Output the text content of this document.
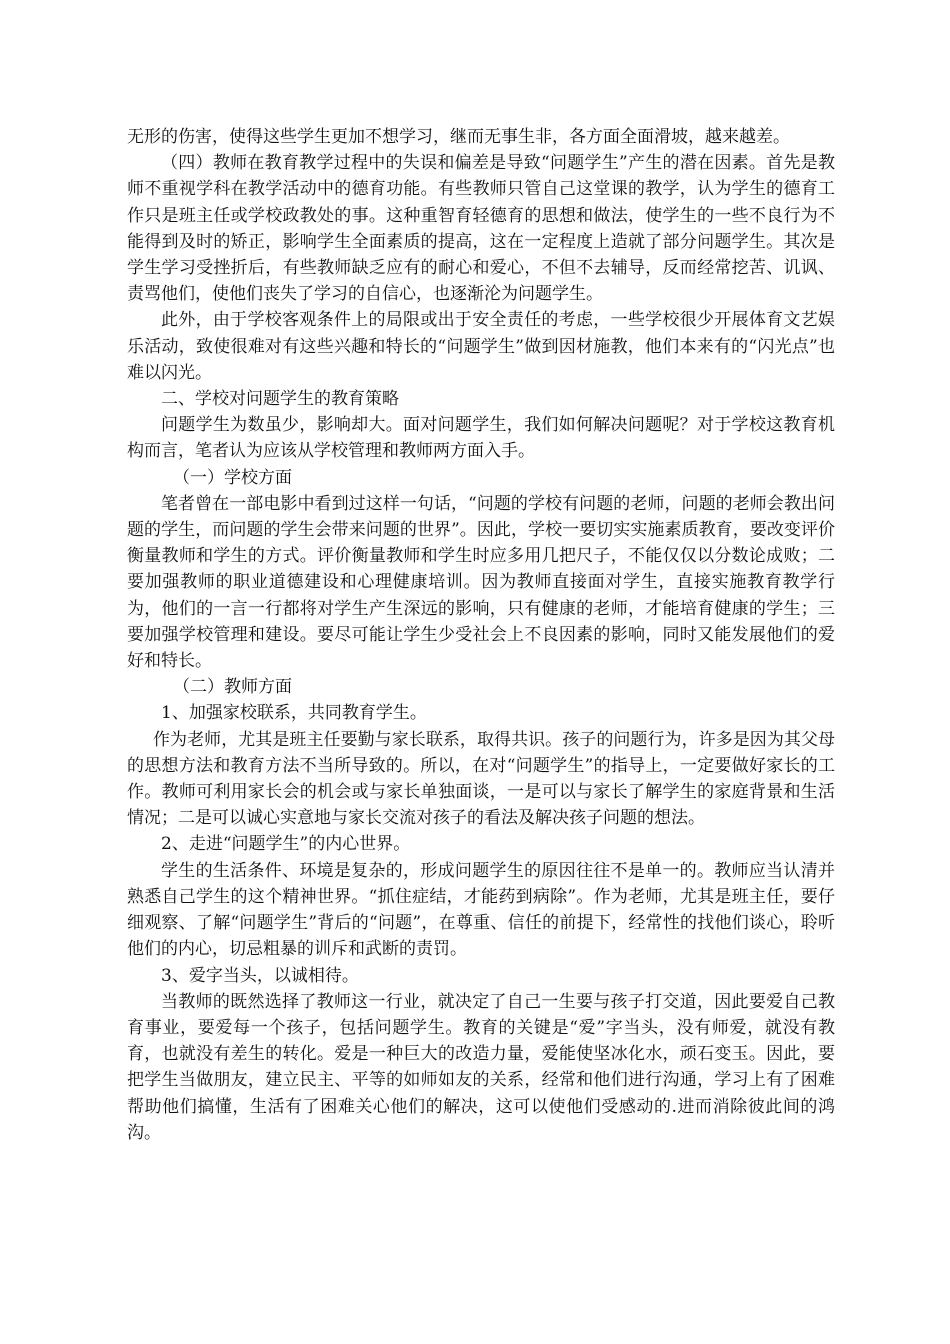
无形的伤害，使得这些学生更加不想学习，继而无事生非，各方面全面滑坡，越来越差。

（四）教师在教育教学过程中的失误和偏差是导致“问题学生”产生的潜在因素。首先是教师不重视学科在教学活动中的德育功能。有些教师只管自己这堂课的教学，认为学生的德育工作只是班主任或学校政教处的事。这种重智育轻德育的思想和做法，使学生的一些不良行为不能得到及时的矫正，影响学生全面素质的提高，这在一定程度上造就了部分问题学生。其次是学生学习受挫折后，有些教师缺乏应有的耐心和爱心，不但不去辅导，反而经常挖苦、讥讽、责骂他们，使他们丧失了学习的自信心，也逐渐沦为问题学生。

此外，由于学校客观条件上的局限或出于安全责任的考虑，一些学校很少开展体育文艺娱乐活动，致使很难对有这些兴趣和特长的“问题学生”做到因材施教，他们本来有的“闪光点”也难以闪光。

二、学校对问题学生的教育策略

问题学生为数虽少，影响却大。面对问题学生，我们如何解决问题呢？对于学校这教育机构而言，笔者认为应该从学校管理和教师两方面入手。

（一）学校方面

笔者曾在一部电影中看到过这样一句话，“问题的学校有问题的老师，问题的老师会教出问题的学生，而问题的学生会带来问题的世界”。因此，学校一要切实实施素质教育，要改变评价衡量教师和学生的方式。评价衡量教师和学生时应多用几把尺子，不能仅仅以分数论成败；二要加强教师的职业道德建设和心理健康培训。因为教师直接面对学生，直接实施教育教学行为，他们的一言一行都将对学生产生深远的影响，只有健康的老师，才能培育健康的学生；三要加强学校管理和建设。要尽可能让学生少受社会上不良因素的影响，同时又能发展他们的爱好和特长。

（二）教师方面

1、加强家校联系，共同教育学生。

作为老师，尤其是班主任要勤与家长联系，取得共识。孩子的问题行为，许多是因为其父母的思想方法和教育方法不当所导致的。所以，在对“问题学生”的指导上，一定要做好家长的工作。教师可利用家长会的机会或与家长单独面谈，一是可以与家长了解学生的家庭背景和生活情况；二是可以诚心实意地与家长交流对孩子的看法及解决孩子问题的想法。

2、走进“问题学生”的内心世界。

学生的生活条件、环境是复杂的，形成问题学生的原因往往不是单一的。教师应当认清并熟悉自己学生的这个精神世界。“抓住症结，才能药到病除”。作为老师，尤其是班主任，要仔细观察、了解“问题学生”背后的“问题”，在尊重、信任的前提下，经常性的找他们谈心，聆听他们的内心，切忌粗暴的训斥和武断的责罚。

3、爱字当头，以诚相待。

当教师的既然选择了教师这一行业，就决定了自己一生要与孩子打交道，因此要爱自己教育事业，要爱每一个孩子，包括问题学生。教育的关键是“爱”字当头，没有师爱，就没有教育，也就没有差生的转化。爱是一种巨大的改造力量，爱能使坚冰化水，顽石变玉。因此，要把学生当做朋友，建立民主、平等的如师如友的关系，经常和他们进行沟通，学习上有了困难帮助他们搞懂，生活有了困难关心他们的解决，这可以使他们受感动的.进而消除彼此间的鸿沟。
